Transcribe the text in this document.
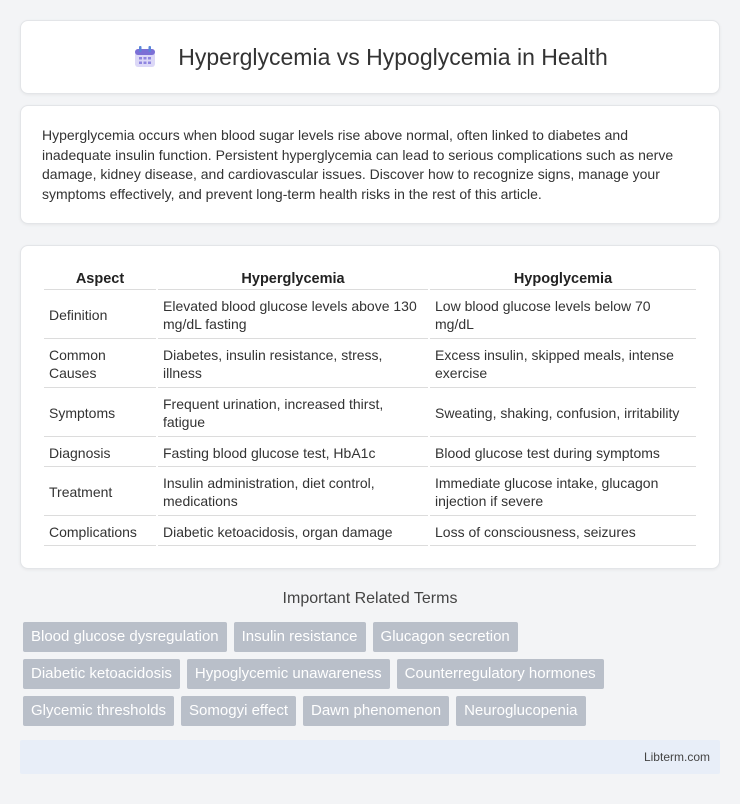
Hyperglycemia vs Hypoglycemia in Health

Hyperglycemia occurs when blood sugar levels rise above normal, often linked to diabetes and inadequate insulin function. Persistent hyperglycemia can lead to serious complications such as nerve damage, kidney disease, and cardiovascular issues. Discover how to recognize signs, manage your symptoms effectively, and prevent long-term health risks in the rest of this article.

Aspect	Hyperglycemia	Hypoglycemia
Definition	Elevated blood glucose levels above 130 mg/dL fasting	Low blood glucose levels below 70 mg/dL
Common Causes	Diabetes, insulin resistance, stress, illness	Excess insulin, skipped meals, intense exercise
Symptoms	Frequent urination, increased thirst, fatigue	Sweating, shaking, confusion, irritability
Diagnosis	Fasting blood glucose test, HbA1c	Blood glucose test during symptoms
Treatment	Insulin administration, diet control, medications	Immediate glucose intake, glucagon injection if severe
Complications	Diabetic ketoacidosis, organ damage	Loss of consciousness, seizures
Important Related Terms
Blood glucose dysregulation	Insulin resistance	Glucagon secretion
Diabetic ketoacidosis	Hypoglycemic unawareness	Counterregulatory hormones
Glycemic thresholds	Somogyi effect	Dawn phenomenon	Neuroglucopenia
Libterm.com
